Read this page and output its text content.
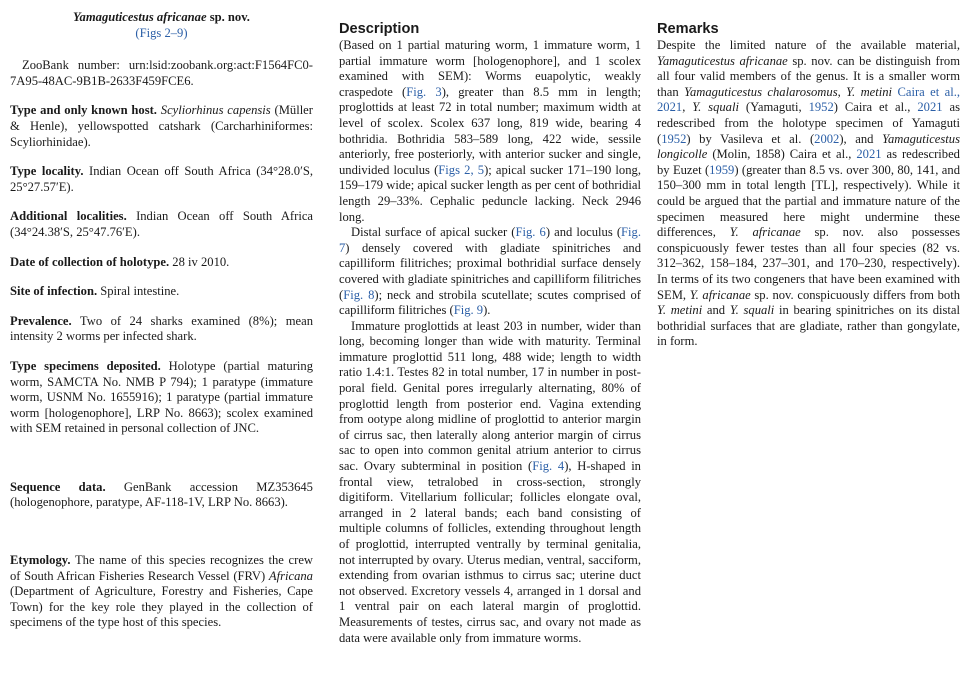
Yamaguticestus africanae sp. nov.
(Figs 2–9)

ZooBank number: urn:lsid:zoobank.org:act:F1564FC0-7A95-48AC-9B1B-2633F459FCE6.

Type and only known host. Scyliorhinus capensis (Müller & Henle), yellowspotted catshark (Carcharhiniformes: Scyliorhinidae).

Type locality. Indian Ocean off South Africa (34°28.0′S, 25°27.57′E).

Additional localities. Indian Ocean off South Africa (34°24.38′S, 25°47.76′E).

Date of collection of holotype. 28 iv 2010.

Site of infection. Spiral intestine.

Prevalence. Two of 24 sharks examined (8%); mean intensity 2 worms per infected shark.

Type specimens deposited. Holotype (partial maturing worm, SAMCTA No. NMB P 794); 1 paratype (immature worm, USNM No. 1655916); 1 paratype (partial immature worm [hologenophore], LRP No. 8663); scolex examined with SEM retained in personal collection of JNC.

Sequence data. GenBank accession MZ353645 (hologenophore, paratype, AF-118-1V, LRP No. 8663).

Etymology. The name of this species recognizes the crew of South African Fisheries Research Vessel (FRV) Africana (Department of Agriculture, Forestry and Fisheries, Cape Town) for the key role they played in the collection of specimens of the type host of this species.

Description

(Based on 1 partial maturing worm, 1 immature worm, 1 partial immature worm [hologenophore], and 1 scolex examined with SEM): Worms euapolytic, weakly craspedote (Fig. 3), greater than 8.5 mm in length; proglottids at least 72 in total number; maximum width at level of scolex. Scolex 637 long, 819 wide, bearing 4 bothridia. Bothridia 583–589 long, 422 wide, sessile anteriorly, free posteriorly, with anterior sucker and single, undivided loculus (Figs 2, 5); apical sucker 171–190 long, 159–179 wide; apical sucker length as per cent of bothridial length 29–33%. Cephalic peduncle lacking. Neck 2946 long.

Distal surface of apical sucker (Fig. 6) and loculus (Fig. 7) densely covered with gladiate spinitriches and capilliform filitriches; proximal bothridial surface densely covered with gladiate spinitriches and capilliform filitriches (Fig. 8); neck and strobila scutellate; scutes comprised of capilliform filitriches (Fig. 9).

Immature proglottids at least 203 in number, wider than long, becoming longer than wide with maturity. Terminal immature proglottid 511 long, 488 wide; length to width ratio 1.4:1. Testes 82 in total number, 17 in number in post-poral field. Genital pores irregularly alternating, 80% of proglottid length from posterior end. Vagina extending from ootype along midline of proglottid to anterior margin of cirrus sac, then laterally along anterior margin of cirrus sac to open into common genital atrium anterior to cirrus sac. Ovary subterminal in position (Fig. 4), H-shaped in frontal view, tetralobed in cross-section, strongly digitiform. Vitellarium follicular; follicles elongate oval, arranged in 2 lateral bands; each band consisting of multiple columns of follicles, extending throughout length of proglottid, interrupted ventrally by terminal genitalia, not interrupted by ovary. Uterus median, ventral, sacciform, extending from ovarian isthmus to cirrus sac; uterine duct not observed. Excretory vessels 4, arranged in 1 dorsal and 1 ventral pair on each lateral margin of proglottid. Measurements of testes, cirrus sac, and ovary not made as data were available only from immature worms.

Remarks

Despite the limited nature of the available material, Yamaguticestus africanae sp. nov. can be distinguish from all four valid members of the genus. It is a smaller worm than Yamaguticestus chalarosomus, Y. metini Caira et al., 2021, Y. squali (Yamaguti, 1952) Caira et al., 2021 as redescribed from the holotype specimen of Yamaguti (1952) by Vasileva et al. (2002), and Yamaguticestus longicolle (Molin, 1858) Caira et al., 2021 as redescribed by Euzet (1959) (greater than 8.5 vs. over 300, 80, 141, and 150–300 mm in total length [TL], respectively). While it could be argued that the partial and immature nature of the specimen measured here might undermine these differences, Y. africanae sp. nov. also possesses conspicuously fewer testes than all four species (82 vs. 312–362, 158–184, 237–301, and 170–230, respectively). In terms of its two congeners that have been examined with SEM, Y. africanae sp. nov. conspicuously differs from both Y. metini and Y. squali in bearing spinitriches on its distal bothridial surfaces that are gladiate, rather than gongylate, in form.
